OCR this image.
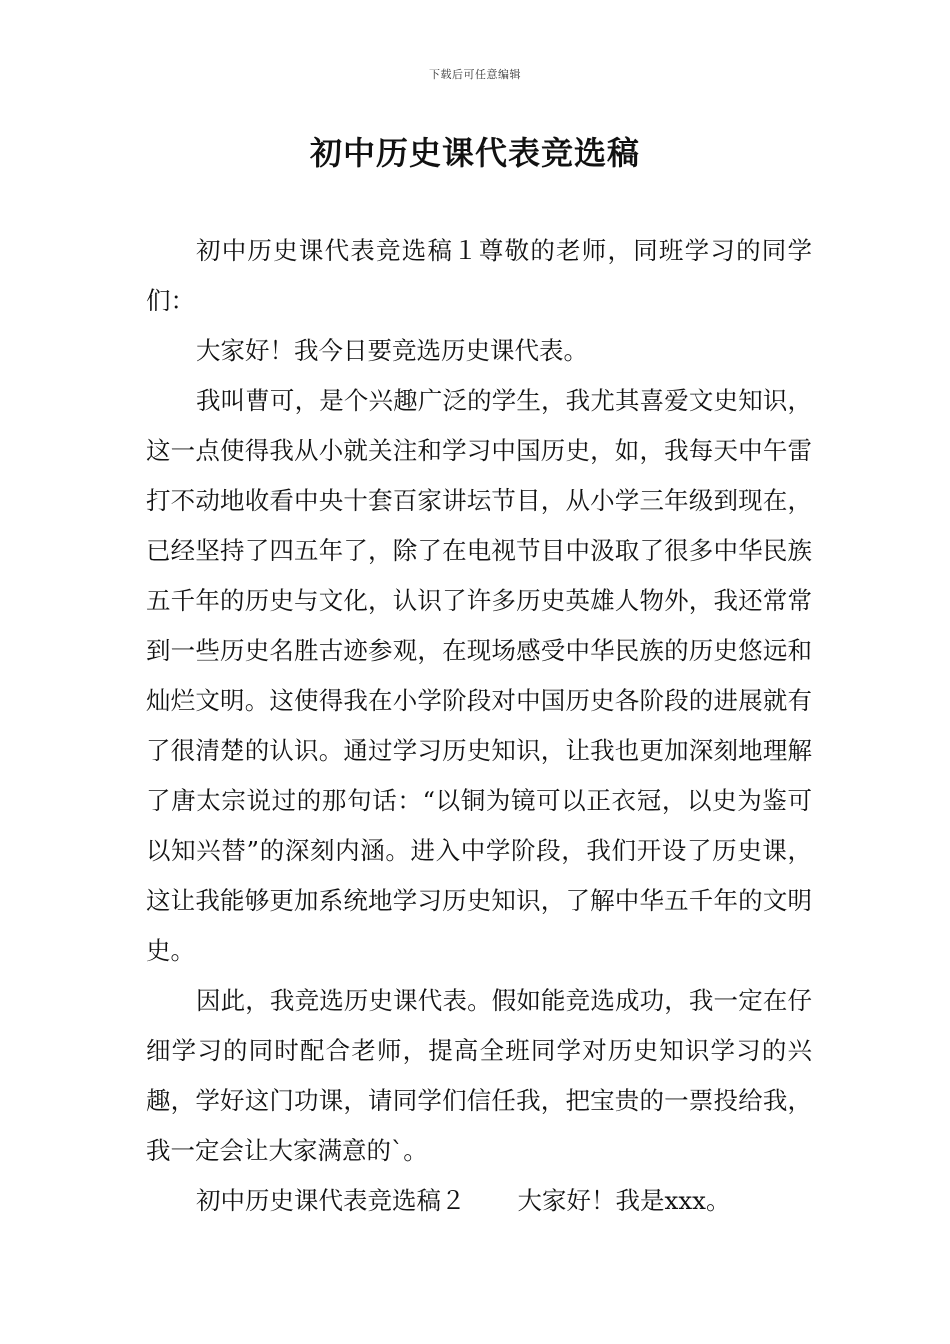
下载后可任意编辑
初中历史课代表竞选稿

初中历史课代表竞选稿１尊敬的老师，同班学习的同学们：

大家好！我今日要竞选历史课代表。

我叫曹可，是个兴趣广泛的学生，我尤其喜爱文史知识，这一点使得我从小就关注和学习中国历史，如，我每天中午雷打不动地收看中央十套百家讲坛节目，从小学三年级到现在，已经坚持了四五年了，除了在电视节目中汲取了很多中华民族五千年的历史与文化，认识了许多历史英雄人物外，我还常常到一些历史名胜古迹参观，在现场感受中华民族的历史悠远和灿烂文明。这使得我在小学阶段对中国历史各阶段的进展就有了很清楚的认识。通过学习历史知识，让我也更加深刻地理解了唐太宗说过的那句话：“以铜为镜可以正衣冠，以史为鉴可以知兴替”的深刻内涵。进入中学阶段，我们开设了历史课，这让我能够更加系统地学习历史知识，了解中华五千年的文明史。

因此，我竞选历史课代表。假如能竞选成功，我一定在仔细学习的同时配合老师，提高全班同学对历史知识学习的兴趣，学好这门功课，请同学们信任我，把宝贵的一票投给我，我一定会让大家满意的`。

初中历史课代表竞选稿２ 大家好！我是xxx。
